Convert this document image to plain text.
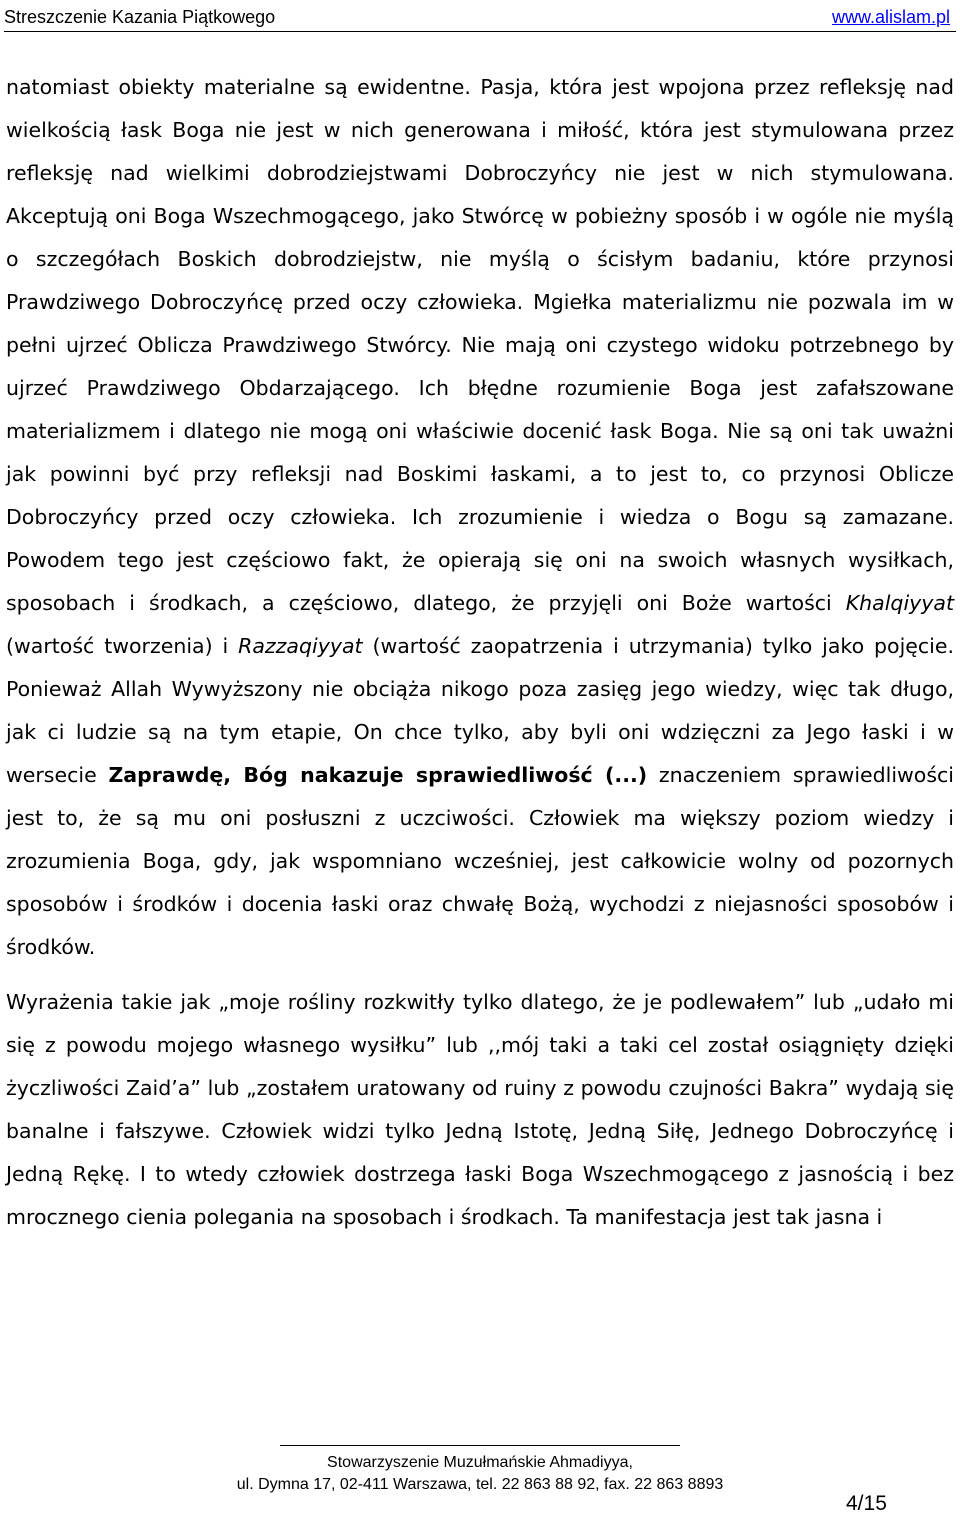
Streszczenie Kazania Piątkowego	www.alislam.pl

natomiast obiekty materialne są ewidentne. Pasja, która jest wpojona przez refleksję nad wielkością łask Boga nie jest w nich generowana i miłość, która jest stymulowana przez refleksję nad wielkimi dobrodziejstwami Dobroczyńcy nie jest w nich stymulowana. Akceptują oni Boga Wszechmogącego, jako Stwórcę w pobieżny sposób i w ogóle nie myślą o szczegółach Boskich dobrodziejstw, nie myślą o ścisłym badaniu, które przynosi Prawdziwego Dobroczyńcę przed oczy człowieka. Mgiełka materializmu nie pozwala im w pełni ujrzeć Oblicza Prawdziwego Stwórcy. Nie mają oni czystego widoku potrzebnego by ujrzeć Prawdziwego Obdarzającego. Ich błędne rozumienie Boga jest zafałszowane materializmem i dlatego nie mogą oni właściwie docenić łask Boga. Nie są oni tak uważni jak powinni być przy refleksji nad Boskimi łaskami, a to jest to, co przynosi Oblicze Dobroczyńcy przed oczy człowieka. Ich zrozumienie i wiedza o Bogu są zamazane. Powodem tego jest częściowo fakt, że opierają się oni na swoich własnych wysiłkach, sposobach i środkach, a częściowo, dlatego, że przyjęli oni Boże wartości Khalqiyyat (wartość tworzenia) i Razzaqiyyat (wartość zaopatrzenia i utrzymania) tylko jako pojęcie. Ponieważ Allah Wywyższony nie obciąża nikogo poza zasięg jego wiedzy, więc tak długo, jak ci ludzie są na tym etapie, On chce tylko, aby byli oni wdzięczni za Jego łaski i w wersecie Zaprawdę, Bóg nakazuje sprawiedliwość (...) znaczeniem sprawiedliwości jest to, że są mu oni posłuszni z uczciwości. Człowiek ma większy poziom wiedzy i zrozumienia Boga, gdy, jak wspomniano wcześniej, jest całkowicie wolny od pozornych sposobów i środków i docenia łaski oraz chwałę Bożą, wychodzi z niejasności sposobów i środków.

Wyrażenia takie jak „moje rośliny rozkwitły tylko dlatego, że je podlewałem” lub „udało mi się z powodu mojego własnego wysiłku” lub ,,mój taki a taki cel został osiągnięty dzięki życzliwości Zaid’a” lub „zostałem uratowany od ruiny z powodu czujności Bakra” wydają się banalne i fałszywe. Człowiek widzi tylko Jedną Istotę, Jedną Siłę, Jednego Dobroczyńcę i Jedną Rękę. I to wtedy człowiek dostrzega łaski Boga Wszechmogącego z jasnością i bez mrocznego cienia polegania na sposobach i środkach. Ta manifestacja jest tak jasna i

Stowarzyszenie Muzułmańskie Ahmadiyya,
ul. Dymna 17, 02-411 Warszawa, tel. 22 863 88 92, fax. 22 863 8893
4/15
